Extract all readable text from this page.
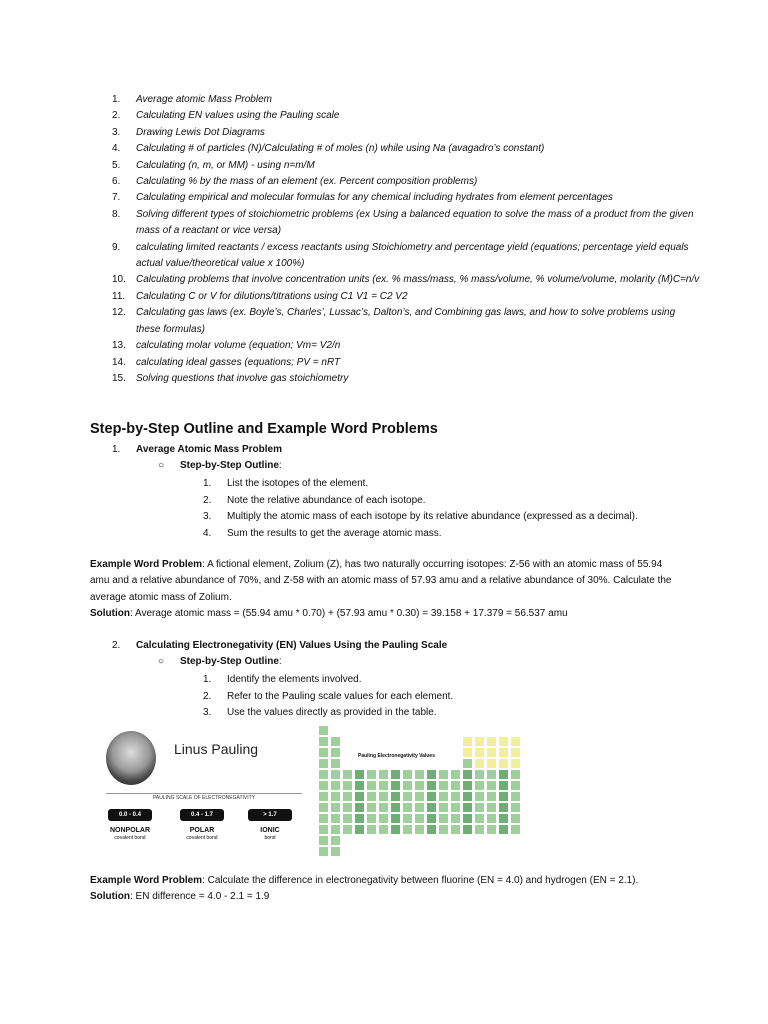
1.	Average atomic Mass Problem
2.	Calculating EN values using the Pauling scale
3.	Drawing Lewis Dot Diagrams
4.	Calculating # of particles (N)/Calculating # of moles (n) while using Na (avagadro’s constant)
5.	Calculating (n, m, or MM) - using n=m/M
6.	Calculating % by the mass of an element (ex. Percent composition problems)
7.	Calculating empirical and molecular formulas for any chemical including hydrates from element percentages
8.	Solving different types of stoichiometric problems (ex Using a balanced equation to solve the mass of a product from the given mass of a reactant or vice versa)
9.	calculating limited reactants / excess reactants using Stoichiometry and percentage yield (equations; percentage yield equals actual value/theoretical value x 100%)
10.	Calculating problems that involve concentration units (ex. % mass/mass, % mass/volume, % volume/volume, molarity (M)C=n/v
11.	Calculating C or V for dilutions/titrations using C1 V1 = C2 V2
12.	Calculating gas laws (ex. Boyle’s, Charles’, Lussac’s, Dalton’s, and Combining gas laws, and how to solve problems using these formulas)
13.	calculating molar volume (equation; Vm= V2/n
14.	calculating ideal gasses (equations; PV = nRT
15.	Solving questions that involve gas stoichiometry
Step-by-Step Outline and Example Word Problems
1. Average Atomic Mass Problem
○ Step-by-Step Outline:
1.	List the isotopes of the element.
2.	Note the relative abundance of each isotope.
3.	Multiply the atomic mass of each isotope by its relative abundance (expressed as a decimal).
4.	Sum the results to get the average atomic mass.
Example Word Problem: A fictional element, Zolium (Z), has two naturally occurring isotopes: Z-56 with an atomic mass of 55.94 amu and a relative abundance of 70%, and Z-58 with an atomic mass of 57.93 amu and a relative abundance of 30%. Calculate the average atomic mass of Zolium.
Solution: Average atomic mass = (55.94 amu * 0.70) + (57.93 amu * 0.30) = 39.158 + 17.379 = 56.537 amu
2. Calculating Electronegativity (EN) Values Using the Pauling Scale
○ Step-by-Step Outline:
1.	Identify the elements involved.
2.	Refer to the Pauling scale values for each element.
3.	Use the values directly as provided in the table.
Linus Pauling
PAULING SCALE OF ELECTRONEGATIVITY
0.0 - 0.4
NONPOLAR
covalent bond
0.4 - 1.7
POLAR
covalent bond
> 1.7
IONIC
bond
Pauling Electronegativity Values
Example Word Problem: Calculate the difference in electronegativity between fluorine (EN = 4.0) and hydrogen (EN = 2.1).
Solution: EN difference = 4.0 - 2.1 = 1.9
